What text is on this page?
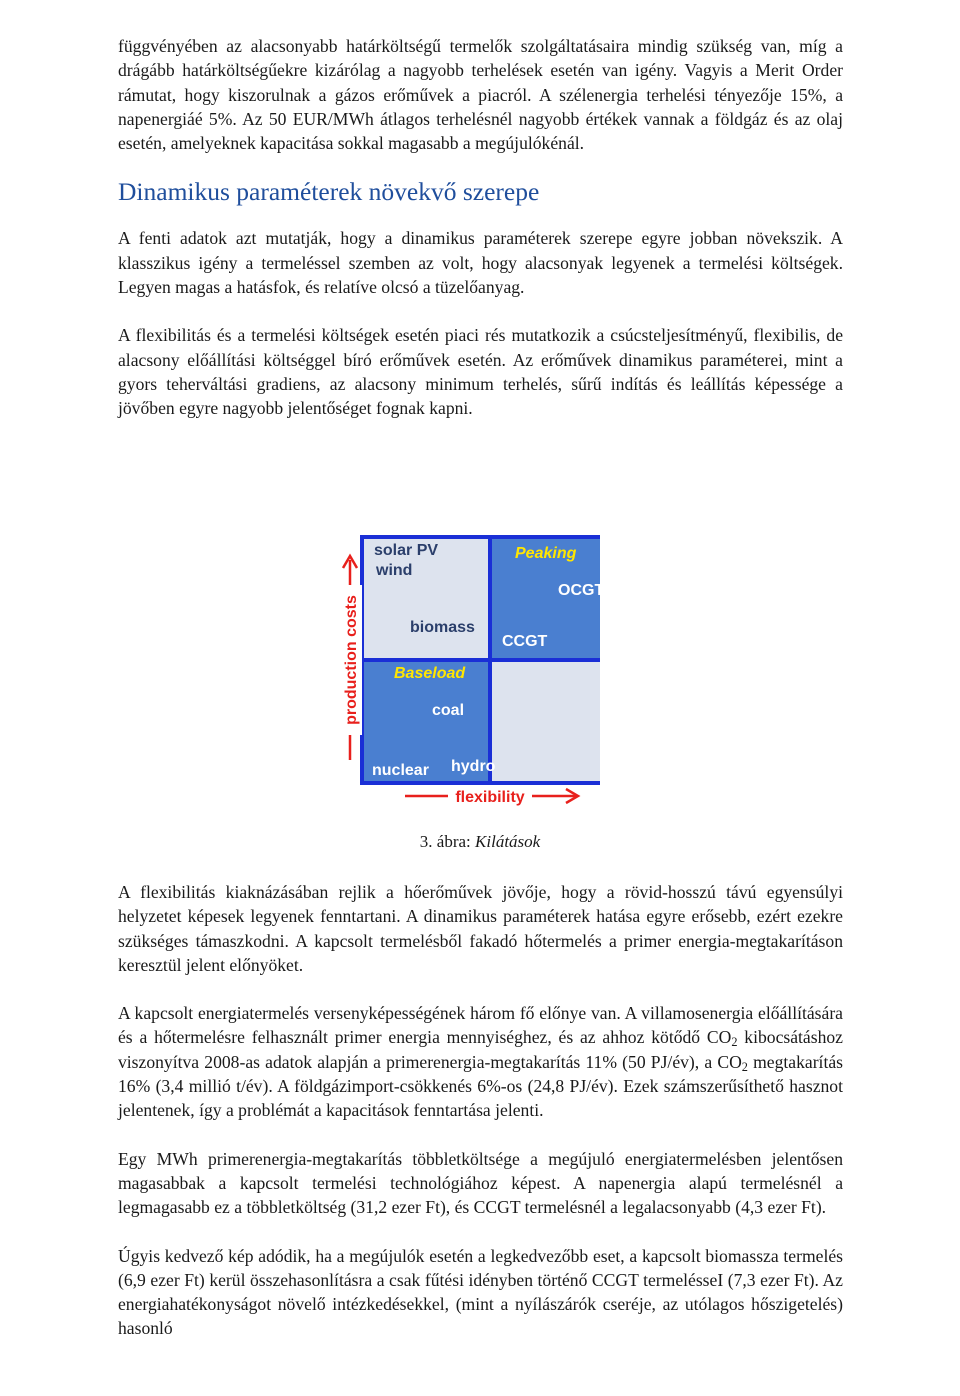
függvényében az alacsonyabb határköltségű termelők szolgáltatásaira mindig szükség van, míg a drágább határköltségűekre kizárólag a nagyobb terhelések esetén van igény. Vagyis a Merit Order rámutat, hogy kiszorulnak a gázos erőművek a piacról. A szélenergia terhelési tényezője 15%, a napenergiáé 5%. Az 50 EUR/MWh átlagos terhelésnél nagyobb értékek vannak a földgáz és az olaj esetén, amelyeknek kapacitása sokkal magasabb a megújulókénál.

Dinamikus paraméterek növekvő szerepe

A fenti adatok azt mutatják, hogy a dinamikus paraméterek szerepe egyre jobban növekszik. A klasszikus igény a termeléssel szemben az volt, hogy alacsonyak legyenek a termelési költségek. Legyen magas a hatásfok, és relatíve olcsó a tüzelőanyag.

A flexibilitás és a termelési költségek esetén piaci rés mutatkozik a csúcsteljesítményű, flexibilis, de alacsony előállítási költséggel bíró erőművek esetén. Az erőművek dinamikus paraméterei, mint a gyors teherváltási gradiens, az alacsony minimum terhelés, sűrű indítás és leállítás képessége a jövőben egyre nagyobb jelentőséget fognak kapni.

solar PV
wind
biomass
Peaking
OCGT
CCGT
Baseload
coal
nuclear hydro
production costs
flexibility
3. ábra: Kilátások

A flexibilitás kiaknázásában rejlik a hőerőművek jövője, hogy a rövid-hosszú távú egyensúlyi helyzetet képesek legyenek fenntartani. A dinamikus paraméterek hatása egyre erősebb, ezért ezekre szükséges támaszkodni. A kapcsolt termelésből fakadó hőtermelés a primer energia-megtakarításon keresztül jelent előnyöket.

A kapcsolt energiatermelés versenyképességének három fő előnye van. A villamosenergia előállítására és a hőtermelésre felhasznált primer energia mennyiséghez, és az ahhoz kötődő $CO_2$ kibocsátáshoz viszonyítva 2008-as adatok alapján a primerenergia-megtakarítás 11% (50 PJ/év), a $CO_2$ megtakarítás 16% (3,4 millió t/év). A földgázimport-csökkenés 6%-os (24,8 PJ/év). Ezek számszerűsíthető hasznot jelentenek, így a problémát a kapacitások fenntartása jelenti.

Egy MWh primerenergia-megtakarítás többletköltsége a megújuló energiatermelésben jelentősen magasabbak a kapcsolt termelési technológiához képest. A napenergia alapú termelésnél a legmagasabb ez a többletköltség (31,2 ezer Ft), és CCGT termelésnél a legalacsonyabb (4,3 ezer Ft).

Úgyis kedvező kép adódik, ha a megújulók esetén a legkedvezőbb eset, a kapcsolt biomassza termelés (6,9 ezer Ft) kerül összehasonlításra a csak fűtési idényben történő CCGT termelésseI (7,3 ezer Ft). Az energiahatékonyságot növelő intézkedésekkel, (mint a nyílászárók cseréje, az utólagos hőszigetelés) hasonló
